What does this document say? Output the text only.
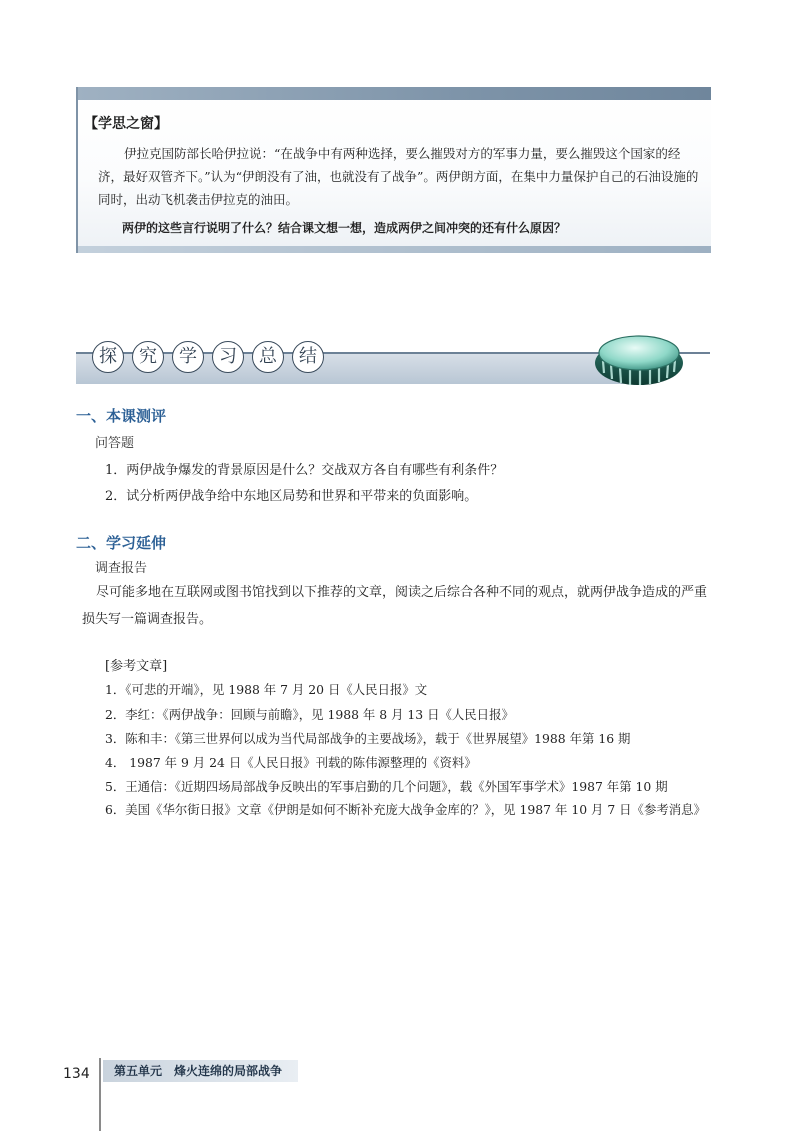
【学思之窗】
伊拉克国防部长哈伊拉说：“在战争中有两种选择，要么摧毁对方的军事力量，要么摧毁这个国家的经济，最好双管齐下。”认为“伊朗没有了油，也就没有了战争”。两伊朗方面，在集中力量保护自己的石油设施的同时，出动飞机袭击伊拉克的油田。
两伊的这些言行说明了什么？结合课文想一想，造成两伊之间冲突的还有什么原因？
探	究	学	习	总	结
一、本课测评
问答题
1．两伊战争爆发的背景原因是什么？交战双方各自有哪些有利条件？
2．试分析两伊战争给中东地区局势和世界和平带来的负面影响。
二、学习延伸
调查报告
尽可能多地在互联网或图书馆找到以下推荐的文章，阅读之后综合各种不同的观点，就两伊战争造成的严重损失写一篇调查报告。
[参考文章]
1．《可悲的开端》，见 1988 年 7 月 20 日《人民日报》文
2．李红：《两伊战争：回顾与前瞻》，见 1988 年 8 月 13 日《人民日报》
3．陈和丰：《第三世界何以成为当代局部战争的主要战场》，载于《世界展望》1988 年第 16 期
4． 1987 年 9 月 24 日《人民日报》刊载的陈伟源整理的《资料》
5．王通信：《近期四场局部战争反映出的军事启勤的几个问题》，载《外国军事学术》1987 年第 10 期
6．美国《华尔街日报》文章《伊朗是如何不断补充庞大战争金库的？》，见 1987 年 10 月 7 日《参考消息》
134	第五单元　烽火连绵的局部战争
